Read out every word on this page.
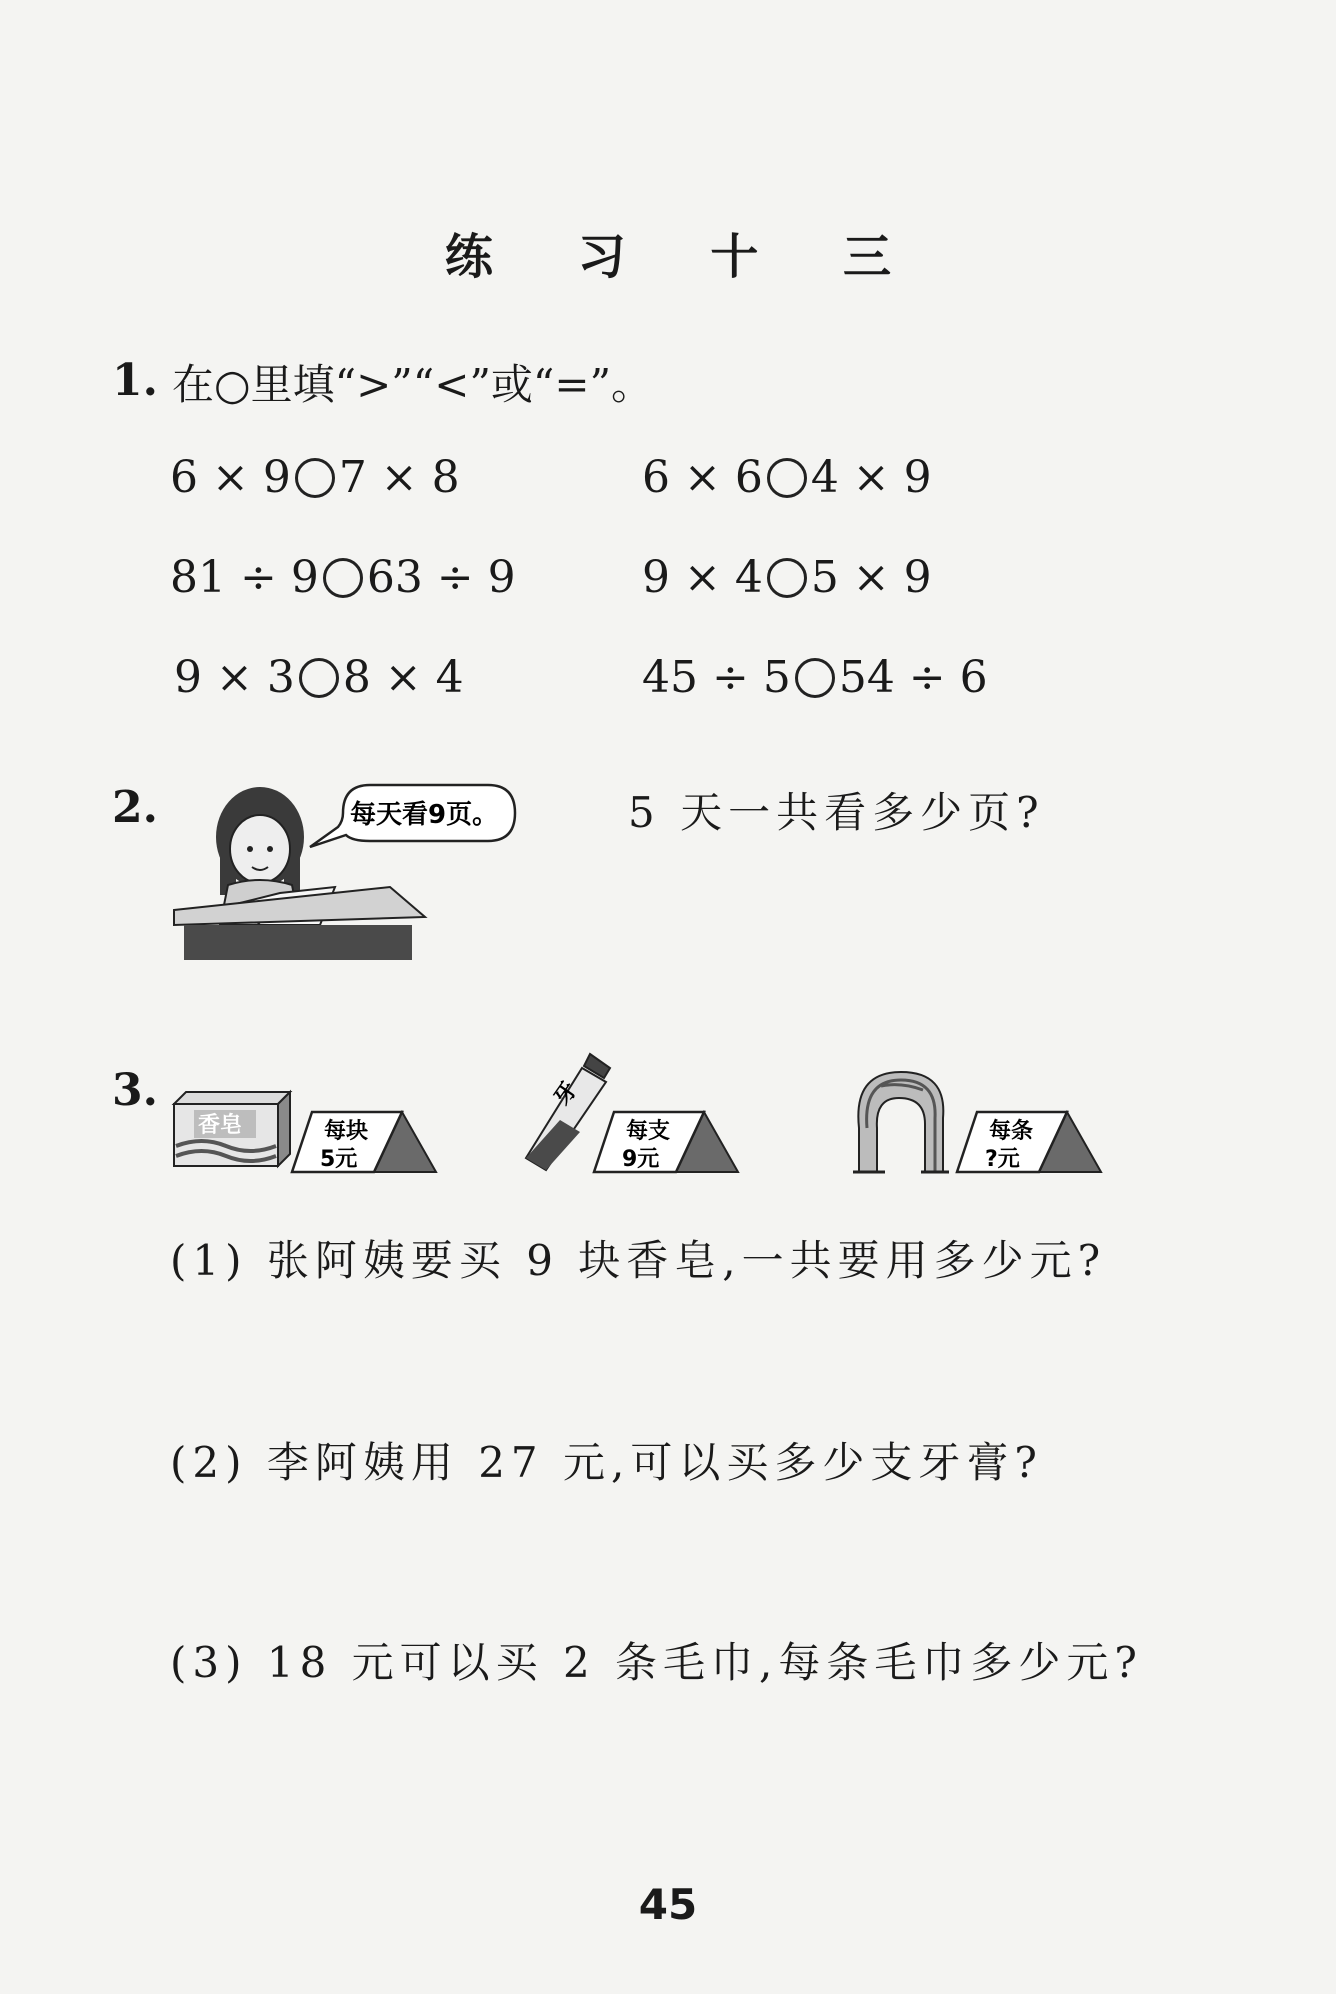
练 习 十 三
1. 在○里填“>”“<”或“=”。
6 × 9 7 × 8	6 × 6 4 × 9
81 ÷ 9 63 ÷ 9	9 × 4 5 × 9
9 × 3 8 × 4	45 ÷ 5 54 ÷ 6
2.	每天看9页。	5 天一共看多少页?
3.
香皂	每块
5元
牙
每支
9元
每条
?元
(1) 张阿姨要买 9 块香皂,一共要用多少元?
(2) 李阿姨用 27 元,可以买多少支牙膏?
(3) 18 元可以买 2 条毛巾,每条毛巾多少元?
45
